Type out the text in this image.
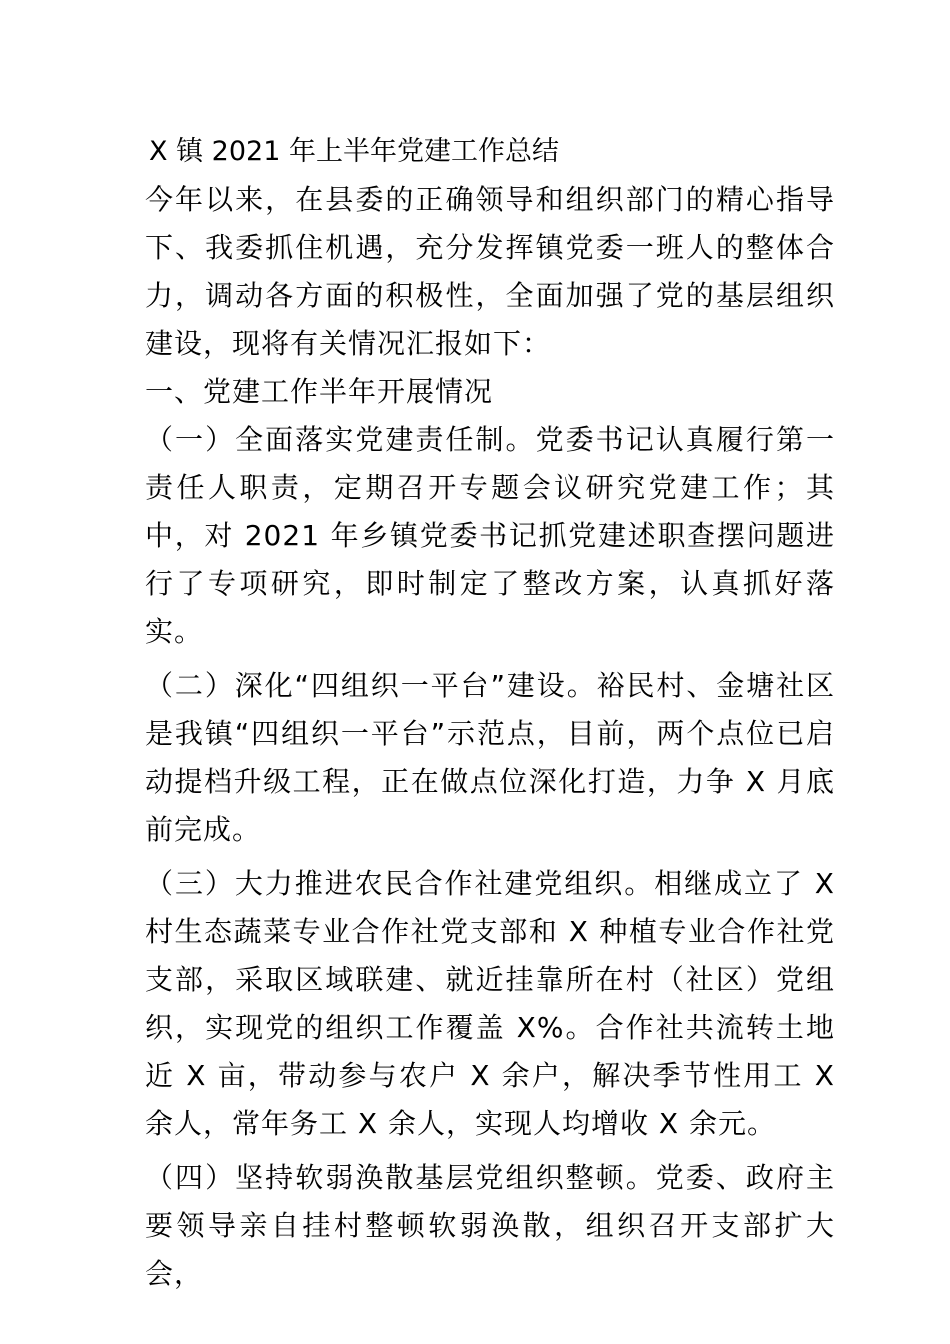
X 镇 2021 年上半年党建工作总结

今年以来，在县委的正确领导和组织部门的精心指导下、我委抓住机遇，充分发挥镇党委一班人的整体合力，调动各方面的积极性，全面加强了党的基层组织建设，现将有关情况汇报如下：

一、党建工作半年开展情况

（一）全面落实党建责任制。党委书记认真履行第一责任人职责，定期召开专题会议研究党建工作；其中，对 2021 年乡镇党委书记抓党建述职查摆问题进行了专项研究，即时制定了整改方案，认真抓好落实。

（二）深化“四组织一平台”建设。裕民村、金塘社区是我镇“四组织一平台”示范点，目前，两个点位已启动提档升级工程，正在做点位深化打造，力争 X 月底前完成。

（三）大力推进农民合作社建党组织。相继成立了 X 村生态蔬菜专业合作社党支部和 X 种植专业合作社党支部，采取区域联建、就近挂靠所在村（社区）党组织，实现党的组织工作覆盖 X%。合作社共流转土地近 X 亩，带动参与农户 X 余户，解决季节性用工 X 余人，常年务工 X 余人，实现人均增收 X 余元。

（四）坚持软弱涣散基层党组织整顿。党委、政府主要领导亲自挂村整顿软弱涣散，组织召开支部扩大会，
